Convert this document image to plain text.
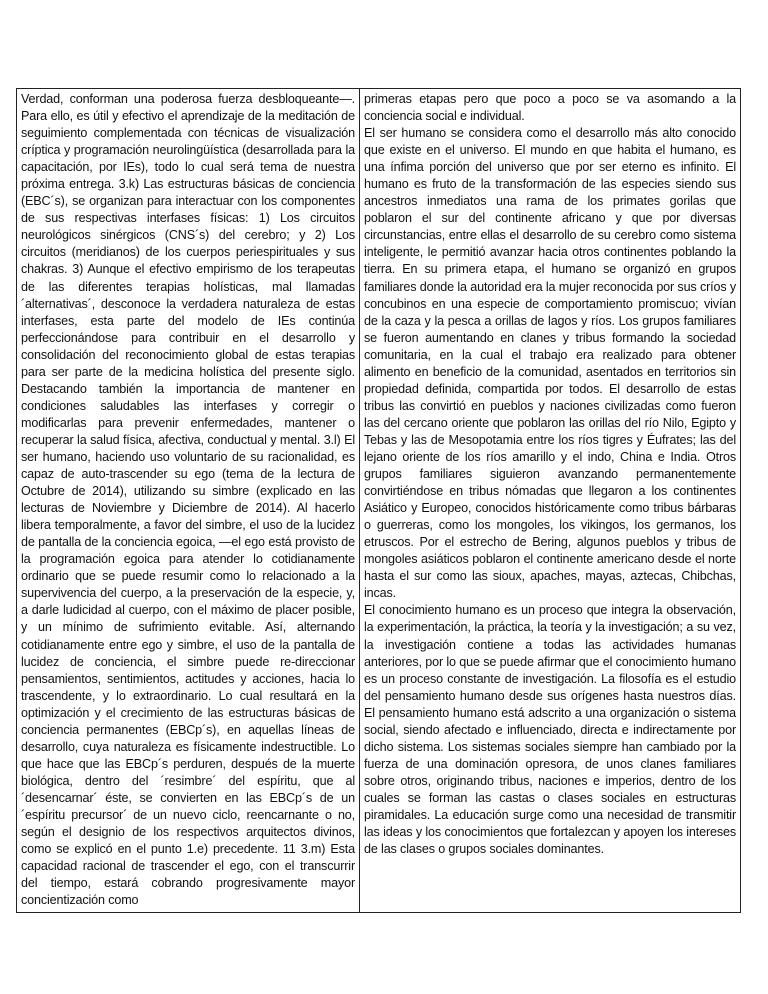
Verdad, conforman una poderosa fuerza desbloqueante—. Para ello, es útil y efectivo el aprendizaje de la meditación de seguimiento complementada con técnicas de visualización críptica y programación neurolingüística (desarrollada para la capacitación, por IEs), todo lo cual será tema de nuestra próxima entrega. 3.k) Las estructuras básicas de conciencia (EBC´s), se organizan para interactuar con los componentes de sus respectivas interfases físicas: 1) Los circuitos neurológicos sinérgicos (CNS´s) del cerebro; y 2) Los circuitos (meridianos) de los cuerpos periespirituales y sus chakras. 3) Aunque el efectivo empirismo de los terapeutas de las diferentes terapias holísticas, mal llamadas ´alternativas´, desconoce la verdadera naturaleza de estas interfases, esta parte del modelo de IEs continúa perfeccionándose para contribuir en el desarrollo y consolidación del reconocimiento global de estas terapias para ser parte de la medicina holística del presente siglo. Destacando también la importancia de mantener en condiciones saludables las interfases y corregir o modificarlas para prevenir enfermedades, mantener o recuperar la salud física, afectiva, conductual y mental. 3.l) El ser humano, haciendo uso voluntario de su racionalidad, es capaz de auto-trascender su ego (tema de la lectura de Octubre de 2014), utilizando su simbre (explicado en las lecturas de Noviembre y Diciembre de 2014). Al hacerlo libera temporalmente, a favor del simbre, el uso de la lucidez de pantalla de la conciencia egoica, —el ego está provisto de la programación egoica para atender lo cotidianamente ordinario que se puede resumir como lo relacionado a la supervivencia del cuerpo, a la preservación de la especie, y, a darle ludicidad al cuerpo, con el máximo de placer posible, y un mínimo de sufrimiento evitable. Así, alternando cotidianamente entre ego y simbre, el uso de la pantalla de lucidez de conciencia, el simbre puede re-direccionar pensamientos, sentimientos, actitudes y acciones, hacia lo trascendente, y lo extraordinario. Lo cual resultará en la optimización y el crecimiento de las estructuras básicas de conciencia permanentes (EBCp´s), en aquellas líneas de desarrollo, cuya naturaleza es físicamente indestructible. Lo que hace que las EBCp´s perduren, después de la muerte biológica, dentro del ´resimbre´ del espíritu, que al ´desencarnar´ éste, se convierten en las EBCp´s de un ´espíritu precursor´ de un nuevo ciclo, reencarnante o no, según el designio de los respectivos arquitectos divinos, como se explicó en el punto 1.e) precedente. 11 3.m) Esta capacidad racional de trascender el ego, con el transcurrir del tiempo, estará cobrando progresivamente mayor concientización como

primeras etapas pero que poco a poco se va asomando a la conciencia social e individual.

El ser humano se considera como el desarrollo más alto conocido que existe en el universo. El mundo en que habita el humano, es una ínfima porción del universo que por ser eterno es infinito. El humano es fruto de la transformación de las especies siendo sus ancestros inmediatos una rama de los primates gorilas que poblaron el sur del continente africano y que por diversas circunstancias, entre ellas el desarrollo de su cerebro como sistema inteligente, le permitió avanzar hacia otros continentes poblando la tierra. En su primera etapa, el humano se organizó en grupos familiares donde la autoridad era la mujer reconocida por sus críos y concubinos en una especie de comportamiento promiscuo; vivían de la caza y la pesca a orillas de lagos y ríos. Los grupos familiares se fueron aumentando en clanes y tribus formando la sociedad comunitaria, en la cual el trabajo era realizado para obtener alimento en beneficio de la comunidad, asentados en territorios sin propiedad definida, compartida por todos. El desarrollo de estas tribus las convirtió en pueblos y naciones civilizadas como fueron las del cercano oriente que poblaron las orillas del río Nilo, Egipto y Tebas y las de Mesopotamia entre los ríos tigres y Éufrates; las del lejano oriente de los ríos amarillo y el indo, China e India. Otros grupos familiares siguieron avanzando permanentemente convirtiéndose en tribus nómadas que llegaron a los continentes Asiático y Europeo, conocidos históricamente como tribus bárbaras o guerreras, como los mongoles, los vikingos, los germanos, los etruscos. Por el estrecho de Bering, algunos pueblos y tribus de mongoles asiáticos poblaron el continente americano desde el norte hasta el sur como las sioux, apaches, mayas, aztecas, Chibchas, incas.

El conocimiento humano es un proceso que integra la observación, la experimentación, la práctica, la teoría y la investigación; a su vez, la investigación contiene a todas las actividades humanas anteriores, por lo que se puede afirmar que el conocimiento humano es un proceso constante de investigación. La filosofía es el estudio del pensamiento humano desde sus orígenes hasta nuestros días. El pensamiento humano está adscrito a una organización o sistema social, siendo afectado e influenciado, directa e indirectamente por dicho sistema. Los sistemas sociales siempre han cambiado por la fuerza de una dominación opresora, de unos clanes familiares sobre otros, originando tribus, naciones e imperios, dentro de los cuales se forman las castas o clases sociales en estructuras piramidales. La educación surge como una necesidad de transmitir las ideas y los conocimientos que fortalezcan y apoyen los intereses de las clases o grupos sociales dominantes.
